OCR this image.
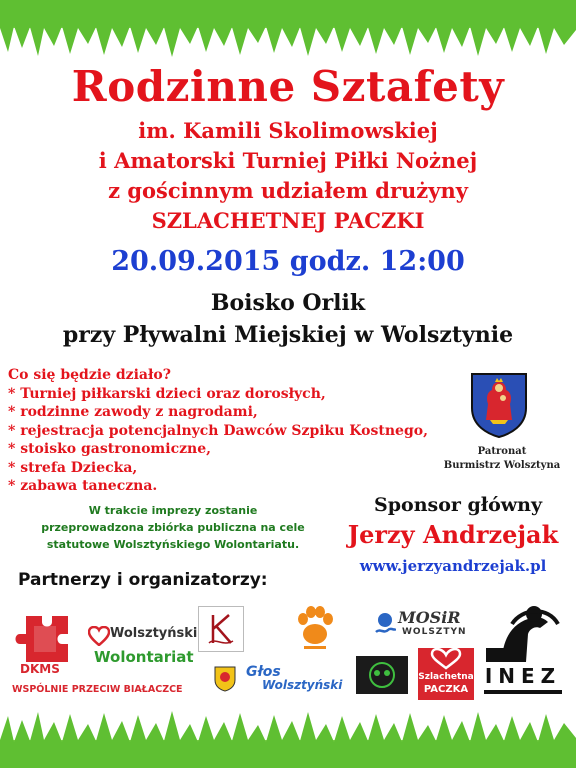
Rodzinne Sztafety
im. Kamili Skolimowskiej
i Amatorski Turniej Piłki Nożnej
z gościnnym udziałem drużyny
SZLACHETNEJ PACZKI
20.09.2015 godz. 12:00
Boisko Orlik
przy Pływalni Miejskiej w Wolsztynie
Co się będzie działo?
* Turniej piłkarski dzieci oraz dorosłych,
* rodzinne zawody z nagrodami,
* rejestracja potencjalnych Dawców Szpiku Kostnego,
* stoisko gastronomiczne,
* strefa Dziecka,
* zabawa taneczna.
Patronat
Burmistrz Wolsztyna
W trakcie imprezy zostanie
przeprowadzona zbiórka publiczna na cele
statutowe Wolsztyńskiego Wolontariatu.
Sponsor główny
Jerzy Andrzejak
www.jerzyandrzejak.pl
Partnerzy i organizatorzy:
DKMS
WSPÓLNIE PRZECIW BIAŁACZCE
Wolsztyński
Wolontariat
MOSiR
WOLSZTYN
Głos
Wolsztyński
Szlachetna
PACZKA
INEZ
